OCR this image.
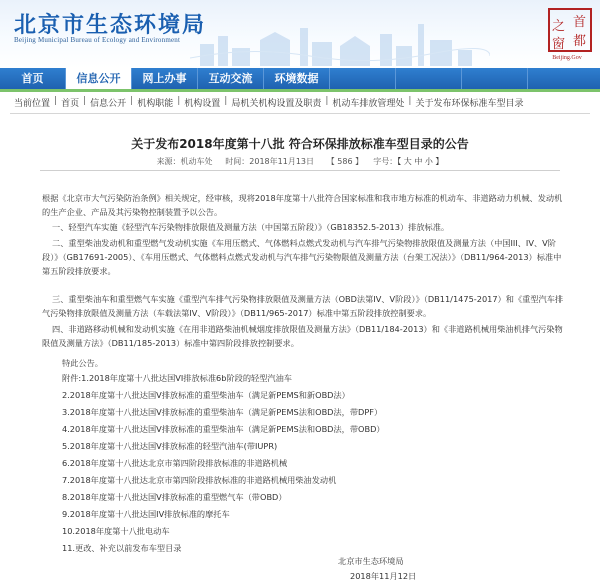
北京市生态环境局
Beijing Municipal Bureau of Ecology and Environment
首
都
之
窗
Beijing.Gov
首页	信息公开	网上办事	互动交流	环境数据
当前位置 | 首页 | 信息公开 | 机构职能 | 机构设置 | 局机关机构设置及职责 | 机动车排放管理处 | 关于发布环保标准车型目录
关于发布2018年度第十八批 符合环保排放标准车型目录的公告
来源：机动车处 时间：2018年11月13日 【 586 】 字号：【 大 中 小 】
根据《北京市大气污染防治条例》相关规定，经审核，现将2018年度第十八批符合国家标准和我市地方标准的机动车、非道路动力机械、发动机的生产企业、产品及其污染物控制装置予以公告。
一、轻型汽车实施《轻型汽车污染物排放限值及测量方法（中国第五阶段）》（GB18352.5-2013）排放标准。
二、重型柴油发动机和重型燃气发动机实施《车用压燃式、气体燃料点燃式发动机与汽车排气污染物排放限值及测量方法（中国III、IV、V阶段）》（GB17691-2005）、《车用压燃式、气体燃料点燃式发动机与汽车排气污染物限值及测量方法（台架工况法）》（DB11/964-2013）标准中第五阶段排放要求。
三、重型柴油车和重型燃气车实施《重型汽车排气污染物排放限值及测量方法（OBD法第IV、V阶段）》（DB11/1475-2017）和《重型汽车排气污染物排放限值及测量方法（车载法第IV、V阶段）》（DB11/965-2017）标准中第五阶段排放控制要求。
四、非道路移动机械和发动机实施《在用非道路柴油机械烟度排放限值及测量方法》（DB11/184-2013）和《非道路机械用柴油机排气污染物限值及测量方法》（DB11/185-2013）标准中第四阶段排放控制要求。
特此公告。
附件:1.2018年度第十八批达国VI排放标准6b阶段的轻型汽油车
2.2018年度第十八批达国Ⅴ排放标准的重型柴油车（满足新PEMS和新OBD法）
3.2018年度第十八批达国Ⅴ排放标准的重型柴油车（满足新PEMS法和OBD法，带DPF）
4.2018年度第十八批达国Ⅴ排放标准的重型柴油车（满足新PEMS法和OBD法，带OBD）
5.2018年度第十八批达国Ⅴ排放标准的轻型汽油车(带IUPR)
6.2018年度第十八批达北京市第四阶段排放标准的非道路机械
7.2018年度第十八批达北京市第四阶段排放标准的非道路机械用柴油发动机
8.2018年度第十八批达国Ⅴ排放标准的重型燃气车（带OBD）
9.2018年度第十八批达国IV排放标准的摩托车
10.2018年度第十八批电动车
11.更改、补充以前发布车型目录
北京市生态环境局
2018年11月12日
